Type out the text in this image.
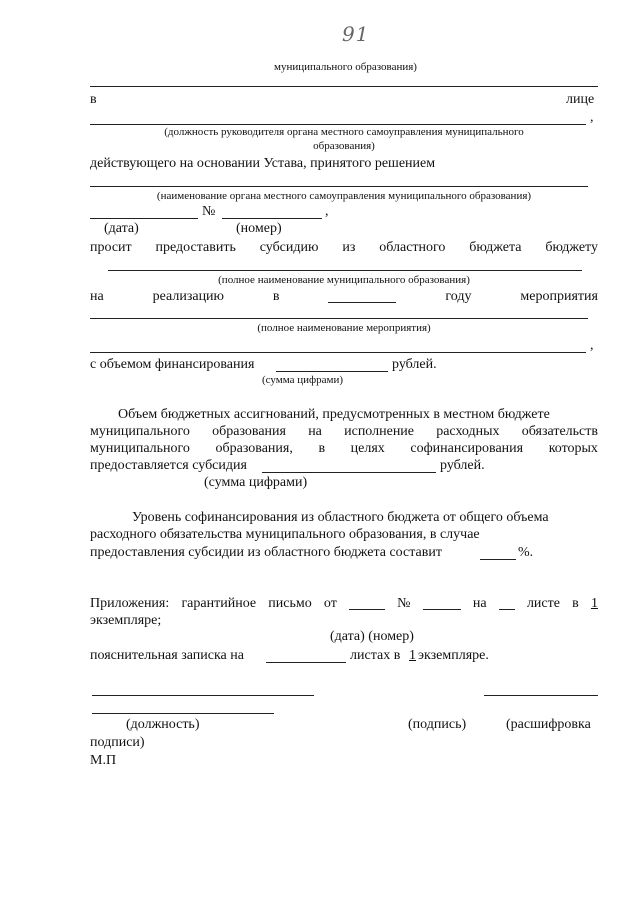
91
муниципального образования)
в	лице
,
(должность руководителя органа местного самоуправления муниципального
образования)
действующего на основании Устава, принятого решением
(наименование органа местного самоуправления муниципального образования)
№	,
(дата)	(номер)
просит предоставить субсидию из областного бюджета бюджету
(полное наименование муниципального образования)
на	реализацию	в	году	мероприятия
(полное наименование мероприятия)
,
с объемом финансирования	рублей.
(сумма цифрами)
Объем бюджетных ассигнований, предусмотренных в местном бюджете
муниципального образования на исполнение расходных обязательств
муниципального образования, в целях софинансирования которых
предоставляется субсидия	рублей.
(сумма цифрами)
Уровень софинансирования из областного бюджета от общего объема
расходного обязательства муниципального образования, в случае
предоставления субсидии из областного бюджета составит	%.
Приложения: гарантийное письмо от	№	на	листе в 1
экземпляре;
(дата) (номер)
пояснительная записка на	листах в 1 экземпляре.
(должность)	(подпись)	(расшифровка
подписи)
М.П
